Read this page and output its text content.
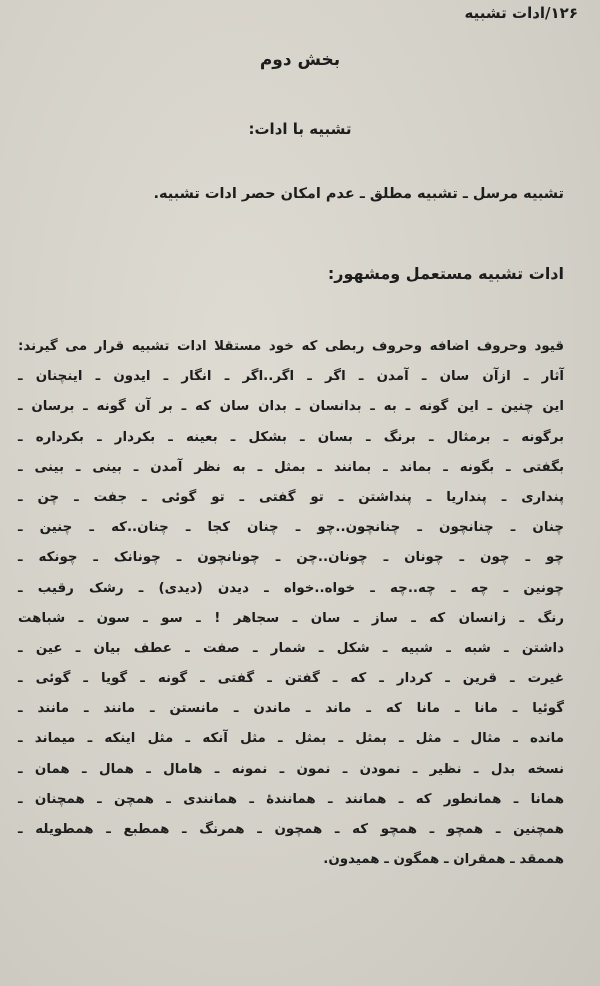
۱۲۶/ادات تشبیه
بخش دوم
تشبیه با ادات:
تشبیه مرسل ـ تشبیه مطلق ـ عدم امکان حصر ادات تشبیه.
ادات تشبیه مستعمل ومشهور:
قیود وحروف اضافه وحروف ربطی که خود مستقلا ادات تشبیه قرار می گیرند:
آثار ـ ازآن سان ـ آمدن ـ اگر ـ اگر..اگر ـ انگار ـ ایدون ـ اینچنان ـ
این چنین ـ این گونه ـ به ـ بدانسان ـ بدان سان که ـ بر آن گونه ـ برسان ـ
برگونه ـ برمثال ـ برنگ ـ بسان ـ بشکل ـ بعینه ـ بکردار ـ بکرداره ـ
بگفتی ـ بگونه ـ بماند ـ بمانند ـ بمثل ـ به نظر آمدن ـ بینی ـ بینی ـ
پنداری ـ پنداریا ـ پنداشتن ـ تو گفتی ـ تو گوئی ـ جفت ـ چن ـ
چنان ـ چنانچون ـ چنانچون..چو ـ چنان کجا ـ چنان..که ـ چنین ـ
چو ـ چون ـ چونان ـ چونان..چن ـ چونانچون ـ چونانک ـ چونکه ـ
چونین ـ چه ـ چه..چه ـ خواه..خواه ـ دیدن (دیدی) ـ رشک رقیب ـ
رنگ ـ زانسان که ـ ساز ـ سان ـ سجاهر ! ـ سو ـ سون ـ شباهت
داشتن ـ شبه ـ شبیه ـ شکل ـ شمار ـ صفت ـ عطف بیان ـ عین ـ
غیرت ـ قرین ـ کردار ـ که ـ گفتن ـ گفتی ـ گونه ـ گویا ـ گوئی ـ
گوئیا ـ مانا ـ مانا که ـ ماند ـ ماندن ـ مانستن ـ مانند ـ مانند ـ
مانده ـ مثال ـ مثل ـ بمثل ـ بمثل ـ مثل آنکه ـ مثل اینکه ـ میماند ـ
نسخه بدل ـ نظیر ـ نمودن ـ نمون ـ نمونه ـ هامال ـ همال ـ همان ـ
همانا ـ همانطور که ـ همانند ـ همانندهٔ ـ همانندی ـ همچن ـ همچنان ـ
همچنین ـ همچو ـ همچو که ـ همچون ـ همرنگ ـ همطبع ـ همطویله ـ
هممقد ـ همقران ـ همگون ـ همیدون.
